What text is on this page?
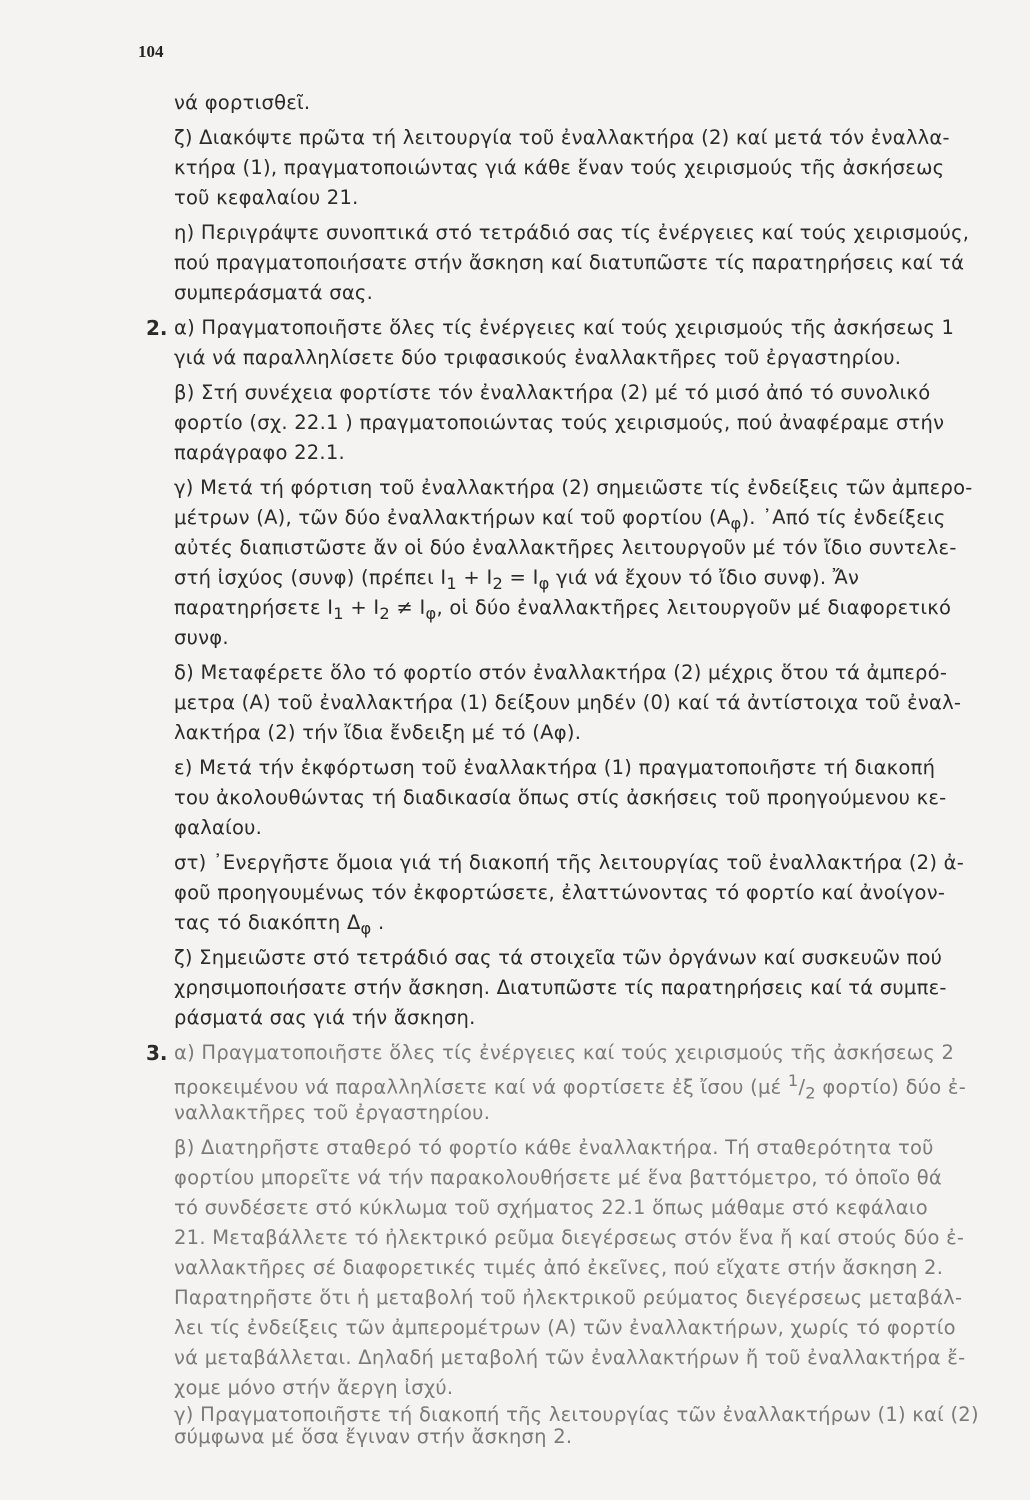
104
νά φορτισθεῖ.
ζ) Διακόψτε πρῶτα τή λειτουργία τοῦ ἐναλλακτήρα (2) καί μετά τόν ἐναλλα-
κτήρα (1), πραγματοποιώντας γιά κάθε ἕναν τούς χειρισμούς τῆς ἀσκήσεως
τοῦ κεφαλαίου 21.
η) Περιγράψτε συνοπτικά στό τετράδιό σας τίς ἐνέργειες καί τούς χειρισμούς,
πού πραγματοποιήσατε στήν ἄσκηση καί διατυπῶστε τίς παρατηρήσεις καί τά
συμπεράσματά σας.
2. α) Πραγματοποιῆστε ὅλες τίς ἐνέργειες καί τούς χειρισμούς τῆς ἀσκήσεως 1
γιά νά παραλληλίσετε δύο τριφασικούς ἐναλλακτῆρες τοῦ ἐργαστηρίου.
β) Στή συνέχεια φορτίστε τόν ἐναλλακτήρα (2) μέ τό μισό ἀπό τό συνολικό
φορτίο (σχ. 22.1 ) πραγματοποιώντας τούς χειρισμούς, πού ἀναφέραμε στήν
παράγραφο 22.1.
γ) Μετά τή φόρτιση τοῦ ἐναλλακτήρα (2) σημειῶστε τίς ἐνδείξεις τῶν ἀμπερο-
μέτρων (Α), τῶν δύο ἐναλλακτήρων καί τοῦ φορτίου $(A_\varphi)$. ᾿Από τίς ἐνδείξεις
αὐτές διαπιστῶστε ἄν οἱ δύο ἐναλλακτῆρες λειτουργοῦν μέ τόν ἴδιο συντελε-
στή ἰσχύος (συνφ) (πρέπει $I_1 + I_2 = I_\varphi$ γιά νά ἔχουν τό ἴδιο συνφ). Ἄν
παρατηρήσετε $I_1 + I_2 \ne I_\varphi$, οἱ δύο ἐναλλακτῆρες λειτουργοῦν μέ διαφορετικό
συνφ.
δ) Μεταφέρετε ὅλο τό φορτίο στόν ἐναλλακτήρα (2) μέχρις ὅτου τά ἀμπερό-
μετρα (Α) τοῦ ἐναλλακτήρα (1) δείξουν μηδέν (0) καί τά ἀντίστοιχα τοῦ ἐναλ-
λακτήρα (2) τήν ἴδια ἔνδειξη μέ τό (Αφ).
ε) Μετά τήν ἐκφόρτωση τοῦ ἐναλλακτήρα (1) πραγματοποιῆστε τή διακοπή
του ἀκολουθώντας τή διαδικασία ὅπως στίς ἀσκήσεις τοῦ προηγούμενου κε-
φαλαίου.
στ) ᾿Ενεργῆστε ὅμοια γιά τή διακοπή τῆς λειτουργίας τοῦ ἐναλλακτήρα (2) ἀ-
φοῦ προηγουμένως τόν ἐκφορτώσετε, ἐλαττώνοντας τό φορτίο καί ἀνοίγον-
τας τό διακόπτη $\Delta_\varphi$ .
ζ) Σημειῶστε στό τετράδιό σας τά στοιχεῖα τῶν ὀργάνων καί συσκευῶν πού
χρησιμοποιήσατε στήν ἄσκηση. Διατυπῶστε τίς παρατηρήσεις καί τά συμπε-
ράσματά σας γιά τήν ἄσκηση.
3. α) Πραγματοποιῆστε ὅλες τίς ἐνέργειες καί τούς χειρισμούς τῆς ἀσκήσεως 2
προκειμένου νά παραλληλίσετε καί νά φορτίσετε ἐξ ἴσου (μέ $^1/_2$ φορτίο) δύο ἐ-
ναλλακτῆρες τοῦ ἐργαστηρίου.
β) Διατηρῆστε σταθερό τό φορτίο κάθε ἐναλλακτήρα. Τή σταθερότητα τοῦ
φορτίου μπορεῖτε νά τήν παρακολουθήσετε μέ ἕνα βαττόμετρο, τό ὁποῖο θά
τό συνδέσετε στό κύκλωμα τοῦ σχήματος 22.1 ὅπως μάθαμε στό κεφάλαιο
21. Μεταβάλλετε τό ἠλεκτρικό ρεῦμα διεγέρσεως στόν ἕνα ἤ καί στούς δύο ἐ-
ναλλακτῆρες σέ διαφορετικές τιμές ἀπό ἐκεῖνες, πού εἴχατε στήν ἄσκηση 2.
Παρατηρῆστε ὅτι ἡ μεταβολή τοῦ ἠλεκτρικοῦ ρεύματος διεγέρσεως μεταβάλ-
λει τίς ἐνδείξεις τῶν ἀμπερομέτρων (Α) τῶν ἐναλλακτήρων, χωρίς τό φορτίο
νά μεταβάλλεται. Δηλαδή μεταβολή τῶν ἐναλλακτήρων ἤ τοῦ ἐναλλακτήρα ἔ-
χομε μόνο στήν ἄεργη ἰσχύ.
γ) Πραγματοποιῆστε τή διακοπή τῆς λειτουργίας τῶν ἐναλλακτήρων (1) καί (2)
σύμφωνα μέ ὅσα ἔγιναν στήν ἄσκηση 2.
